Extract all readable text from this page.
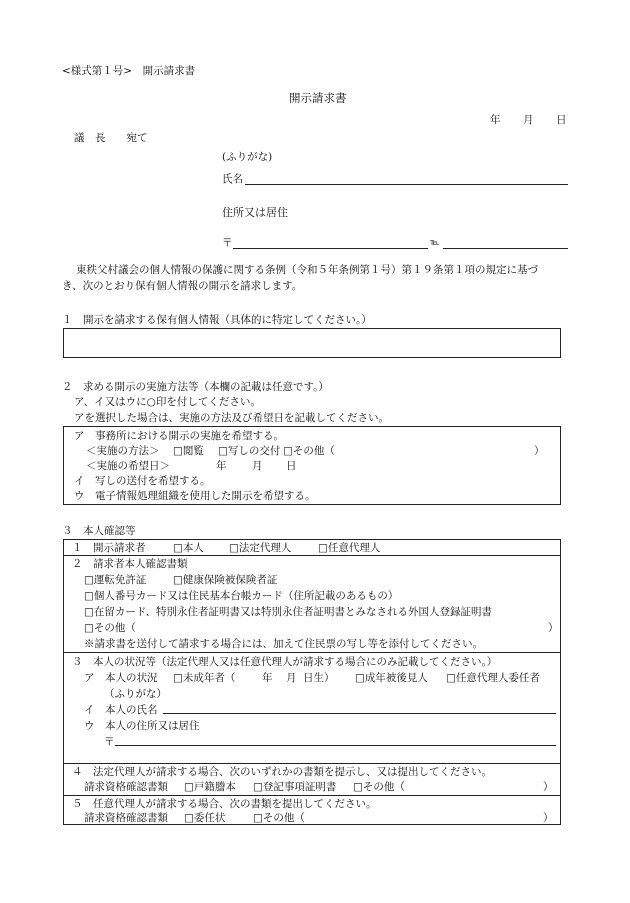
<様式第１号>　開示請求書
開示請求書
年 月 日
議　長　　宛て
(ふりがな)
氏名
住所又は居住
〒	℡
東秩父村議会の個人情報の保護に関する条例（令和５年条例第１号）第１９条第１項の規定に基づ
き、次のとおり保有個人情報の開示を請求します。
１　開示を請求する保有個人情報（具体的に特定してください。）
２　求める開示の実施方法等（本欄の記載は任意です。）
ア、イ又はウに○印を付してください。
アを選択した場合は、実施の方法及び希望日を記載してください。
ア　事務所における開示の実施を希望する。
＜実施の方法＞ □閲覧 □写しの交付 □その他（	）
＜実施の希望日＞	年 月 日
イ　写しの送付を希望する。
ウ　電子情報処理組織を使用した開示を希望する。
３　本人確認等
１　開示請求者	□本人 □法定代理人	□任意代理人
２　請求者本人確認書類
□運転免許証	□健康保険被保険者証
□個人番号カード又は住民基本台帳カード（住所記載のあるもの）
□在留カード、特別永住者証明書又は特別永住者証明書とみなされる外国人登録証明書
□その他（	）
※請求書を送付して請求する場合には、加えて住民票の写し等を添付してください。
３　本人の状況等（法定代理人又は任意代理人が請求する場合にのみ記載してください。）
ア　本人の状況 □未成年者（	年 月 日生） □成年被後見人 □任意代理人委任者
（ふりがな）
イ　本人の氏名
ウ　本人の住所又は居住
〒
４　法定代理人が請求する場合、次のいずれかの書類を提示し、又は提出してください。
請求資格確認書類 □戸籍謄本 □登記事項証明書 □その他（	）
５　任意代理人が請求する場合、次の書類を提出してください。
請求資格確認書類 □委任状	□その他（	）
